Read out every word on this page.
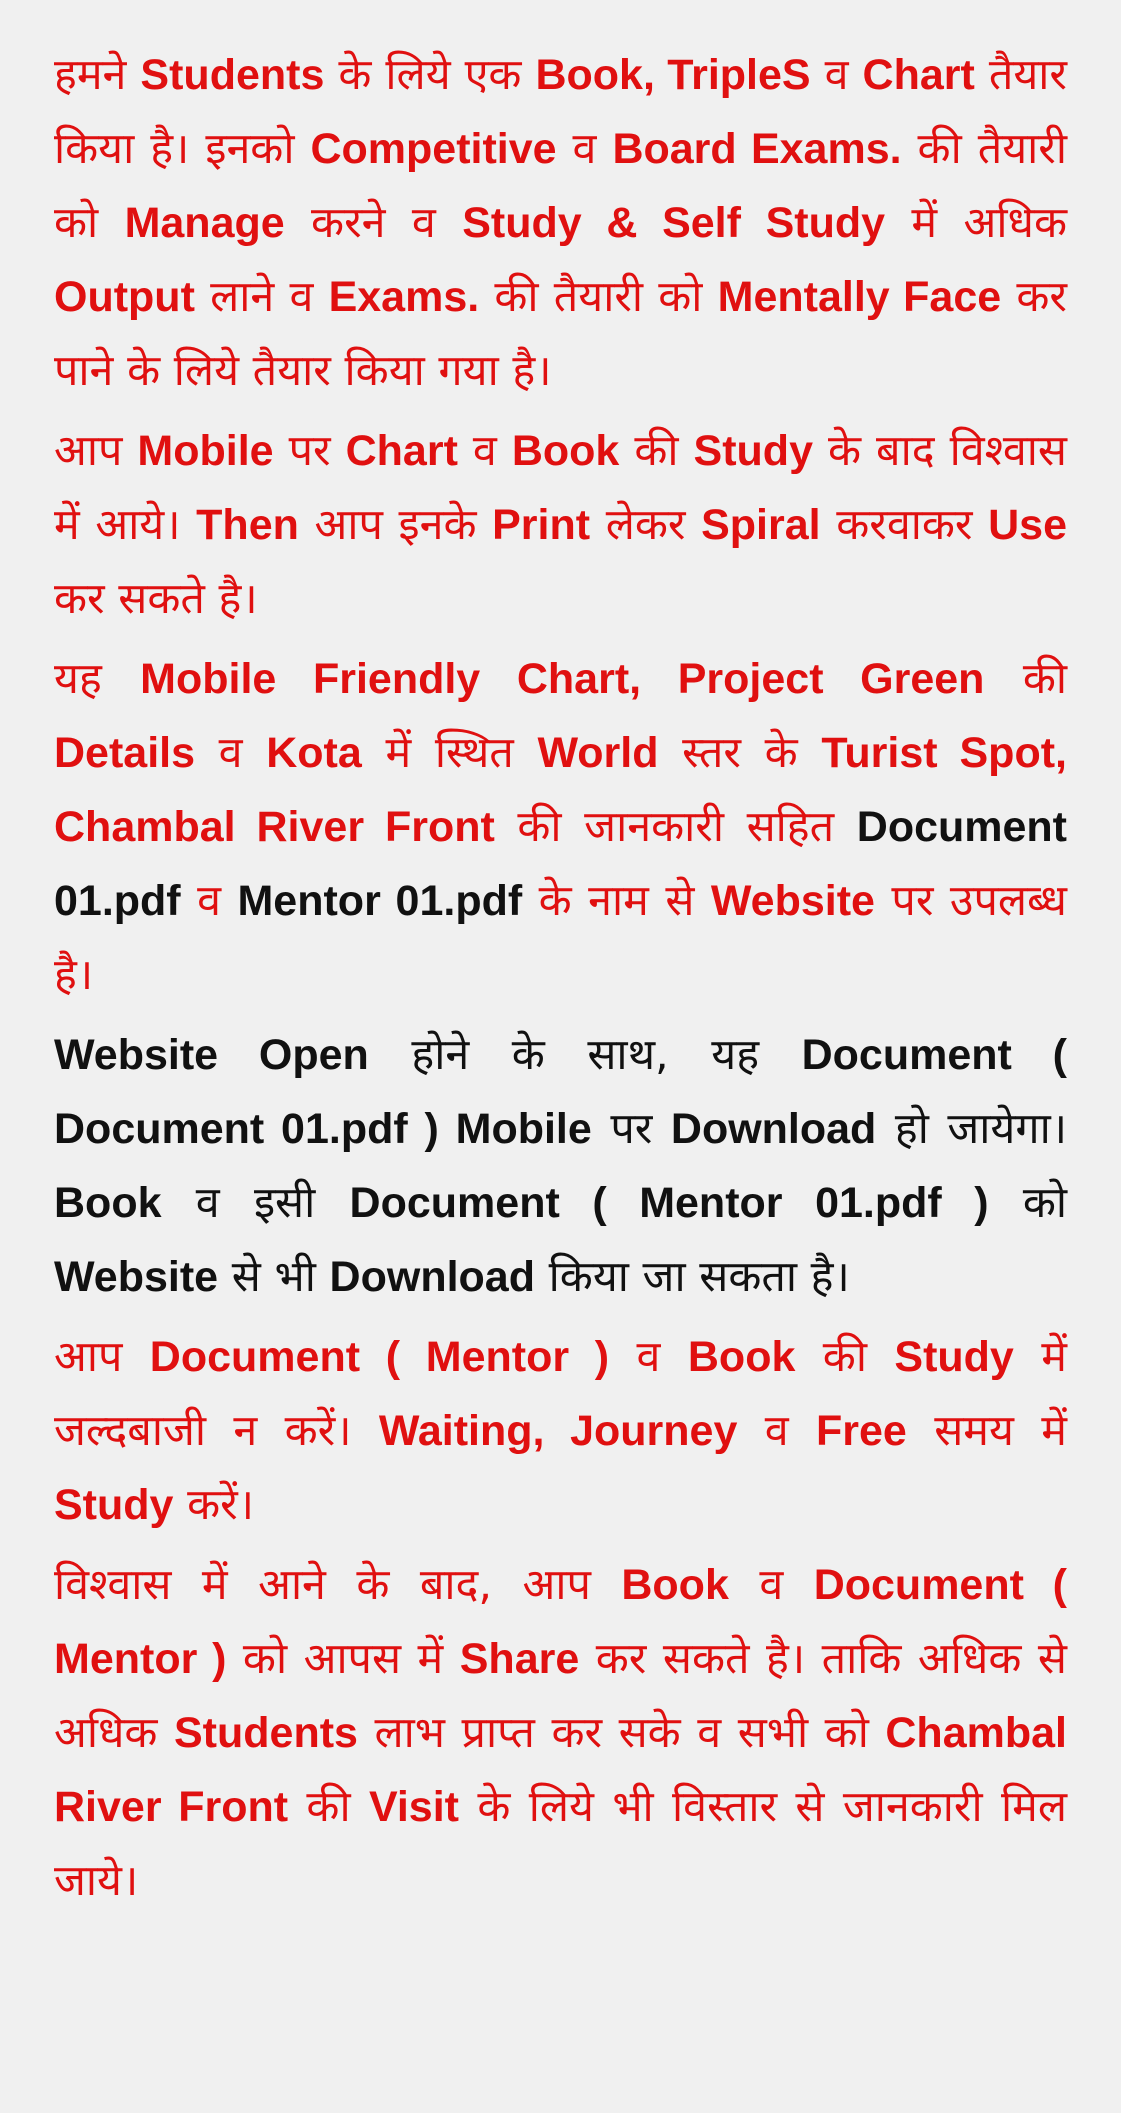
हमने Students के लिये एक Book, TripleS व Chart तैयार किया है। इनको Competitive व Board Exams. की तैयारी को Manage करने व Study & Self Study में अधिक Output लाने व Exams. की तैयारी को Mentally Face कर पाने के लिये तैयार किया गया है।

आप Mobile पर Chart व Book की Study के बाद विश्वास में आये। Then आप इनके Print लेकर Spiral करवाकर Use कर सकते है।

यह Mobile Friendly Chart, Project Green की Details व Kota में स्थित World स्तर के Turist Spot, Chambal River Front की जानकारी सहित Document 01.pdf व Mentor 01.pdf के नाम से Website पर उपलब्ध है।

Website Open होने के साथ, यह Document ( Document 01.pdf ) Mobile पर Download हो जायेगा। Book व इसी Document ( Mentor 01.pdf ) को Website से भी Download किया जा सकता है।

आप Document ( Mentor ) व Book की Study में जल्दबाजी न करें। Waiting, Journey व Free समय में Study करें।

विश्वास में आने के बाद, आप Book व Document ( Mentor ) को आपस में Share कर सकते है। ताकि अधिक से अधिक Students लाभ प्राप्त कर सके व सभी को Chambal River Front की Visit के लिये भी विस्तार से जानकारी मिल जाये।
